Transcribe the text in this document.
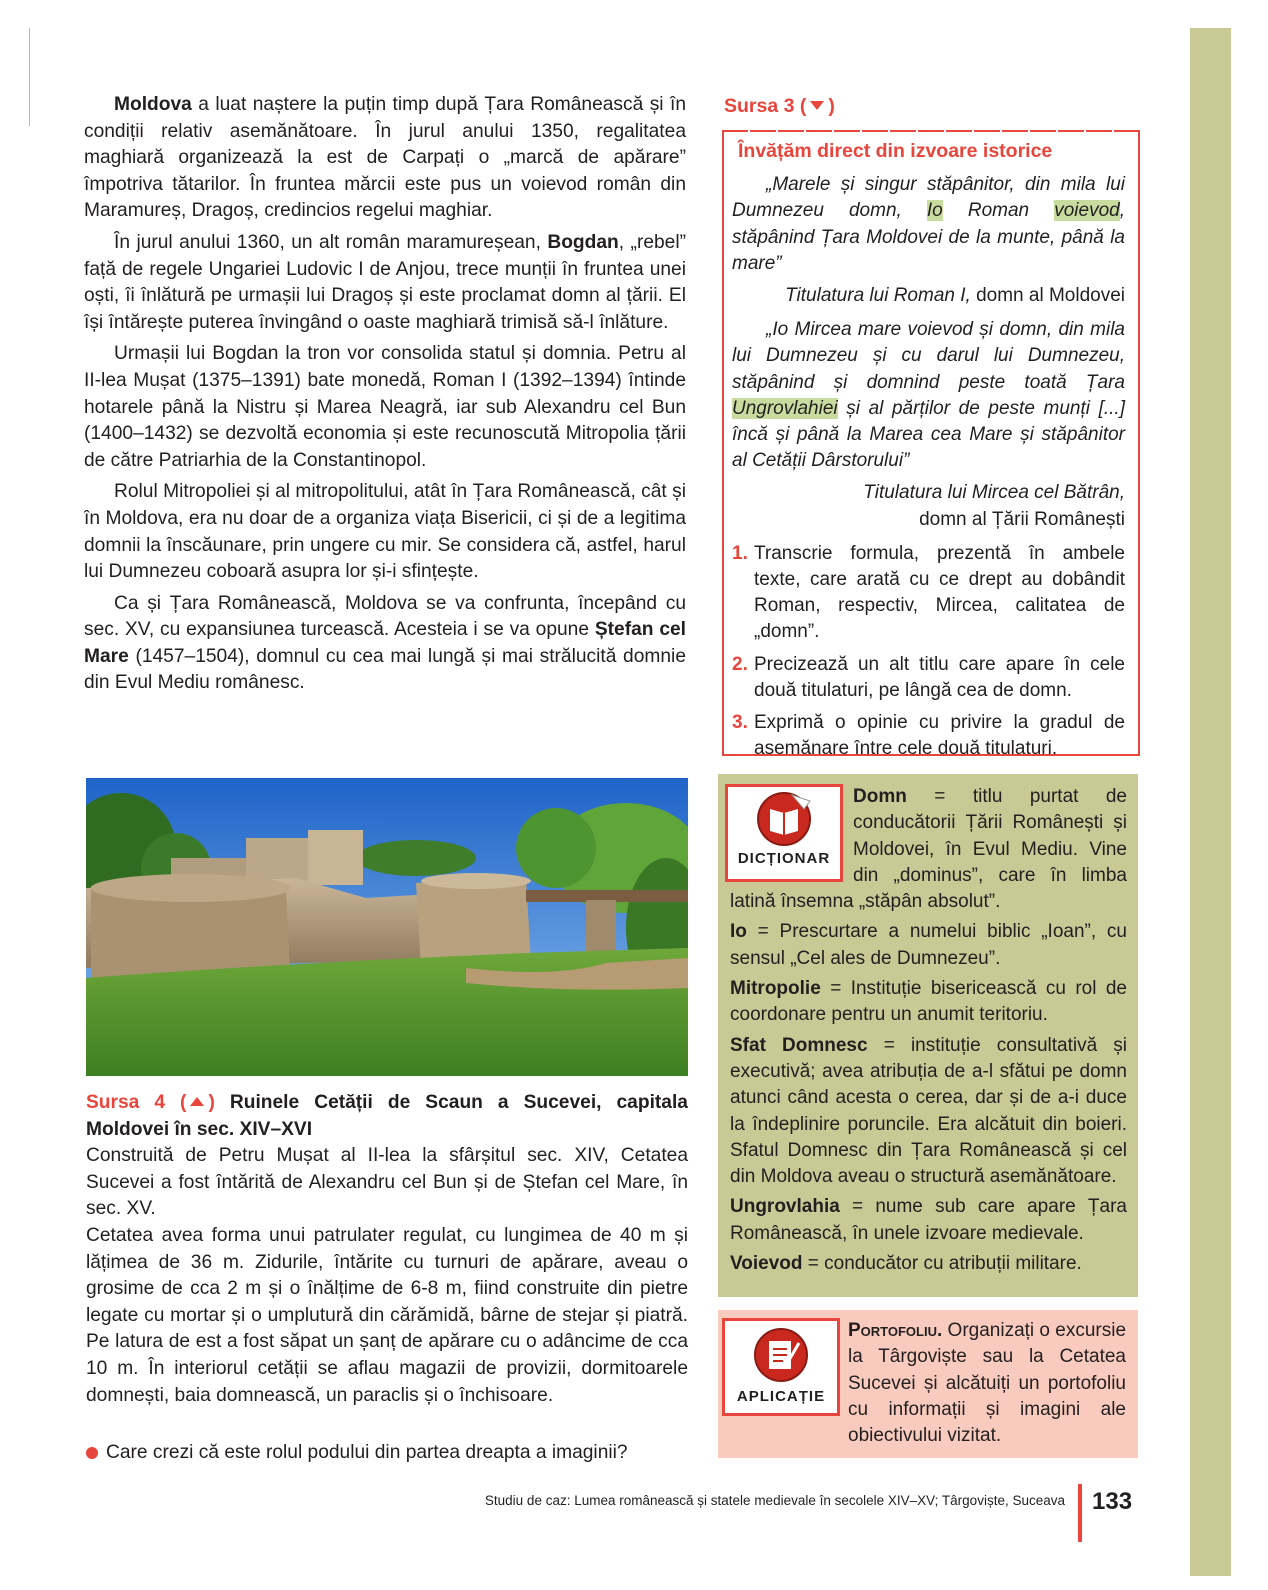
Moldova a luat naștere la puțin timp după Țara Românească și în condiții relativ asemănătoare. În jurul anului 1350, regalitatea maghiară organizează la est de Carpați o „marcă de apărare” împotriva tătarilor. În fruntea mărcii este pus un voievod român din Maramureș, Dragoș, credincios regelui maghiar.

În jurul anului 1360, un alt român maramureșean, Bogdan, „rebel” față de regele Ungariei Ludovic I de Anjou, trece munții în fruntea unei oști, îi înlătură pe urmașii lui Dragoș și este proclamat domn al țării. El își întărește puterea învingând o oaste maghiară trimisă să-l înlăture.

Urmașii lui Bogdan la tron vor consolida statul și domnia. Petru al II-lea Mușat (1375–1391) bate monedă, Roman I (1392–1394) întinde hotarele până la Nistru și Marea Neagră, iar sub Alexandru cel Bun (1400–1432) se dezvoltă economia și este recunoscută Mitropolia țării de către Patriarhia de la Constantinopol.

Rolul Mitropoliei și al mitropolitului, atât în Țara Românească, cât și în Moldova, era nu doar de a organiza viața Bisericii, ci și de a legitima domnii la înscăunare, prin ungere cu mir. Se considera că, astfel, harul lui Dumnezeu coboară asupra lor și-i sfințește.

Ca și Țara Românească, Moldova se va confrunta, începând cu sec. XV, cu expansiunea turcească. Acesteia i se va opune Ștefan cel Mare (1457–1504), domnul cu cea mai lungă și mai strălucită domnie din Evul Mediu românesc.

Sursa 4 ( ) Ruinele Cetății de Scaun a Sucevei, capitala Moldovei în sec. XIV–XVI

Construită de Petru Mușat al II-lea la sfârșitul sec. XIV, Cetatea Sucevei a fost întărită de Alexandru cel Bun și de Ștefan cel Mare, în sec. XV.

Cetatea avea forma unui patrulater regulat, cu lungimea de 40 m și lățimea de 36 m. Zidurile, întărite cu turnuri de apărare, aveau o grosime de cca 2 m și o înălțime de 6-8 m, fiind construite din pietre legate cu mortar și o umplutură din cărămidă, bârne de stejar și piatră. Pe latura de est a fost săpat un șanț de apărare cu o adâncime de cca 10 m. În interiorul cetății se aflau magazii de provizii, dormitoarele domnești, baia domnească, un paraclis și o închisoare.

Care crezi că este rolul podului din partea dreapta a imaginii?
Sursa 3 ( )
Învățăm direct din izvoare istorice

„Marele și singur stăpânitor, din mila lui Dumnezeu domn, Io Roman voievod, stăpânind Țara Moldovei de la munte, până la mare”

Titulatura lui Roman I, domn al Moldovei

„Io Mircea mare voievod și domn, din mila lui Dumnezeu și cu darul lui Dumnezeu, stăpânind și domnind peste toată Țara Ungrovlahiei și al părților de peste munți [...] încă și până la Marea cea Mare și stăpânitor al Cetății Dârstorului”

Titulatura lui Mircea cel Bătrân,
domn al Țării Românești

1. Transcrie formula, prezentă în ambele texte, care arată cu ce drept au dobândit Roman, respectiv, Mircea, calitatea de „domn”.
2. Precizează un alt titlu care apare în cele două titulaturi, pe lângă cea de domn.
3. Exprimă o opinie cu privire la gradul de asemănare între cele două titulaturi.
DICȚIONAR

Domn = titlu purtat de conducătorii Țării Românești și Moldovei, în Evul Mediu. Vine din „dominus”, care în limba latină însemna „stăpân absolut”.

Io = Prescurtare a numelui biblic „Ioan”, cu sensul „Cel ales de Dumnezeu”.

Mitropolie = Instituție bisericească cu rol de coordonare pentru un anumit teritoriu.

Sfat Domnesc = instituție consultativă și executivă; avea atribuția de a-l sfătui pe domn atunci când acesta o cerea, dar și de a-i duce la îndeplinire poruncile. Era alcătuit din boieri. Sfatul Domnesc din Țara Românească și cel din Moldova aveau o structură asemănătoare.

Ungrovlahia = nume sub care apare Țara Românească, în unele izvoare medievale.

Voievod = conducător cu atribuții militare.

APLICAȚIE
Portofoliu. Organizați o excursie la Târgoviște sau la Cetatea Sucevei și alcătuiți un portofoliu cu informații și imagini ale obiectivului vizitat.
Studiu de caz: Lumea românească și statele medievale în secolele XIV–XV; Târgoviște, Suceava 133
